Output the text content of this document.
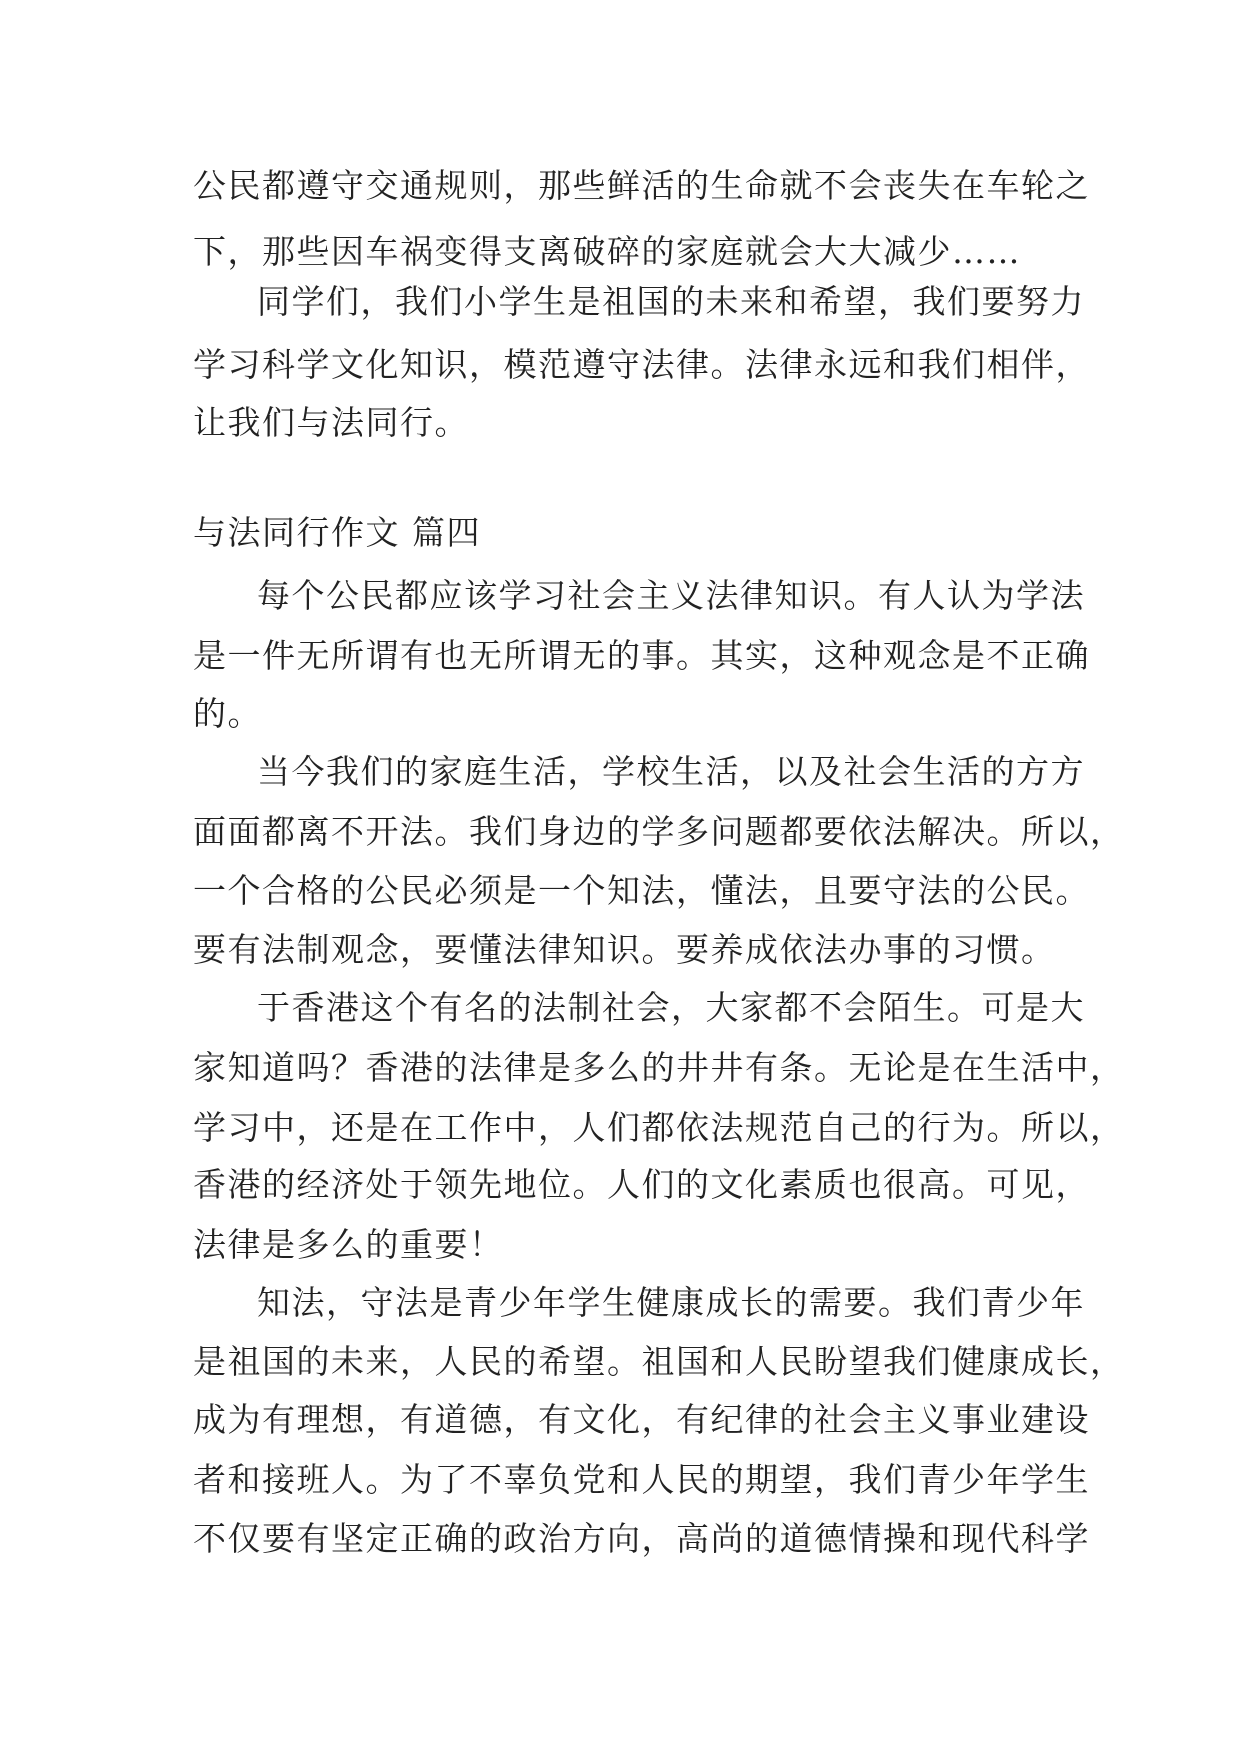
公民都遵守交通规则，那些鲜活的生命就不会丧失在车轮之
下，那些因车祸变得支离破碎的家庭就会大大减少……
同学们，我们小学生是祖国的未来和希望，我们要努力
学习科学文化知识，模范遵守法律。法律永远和我们相伴，
让我们与法同行。
与法同行作文 篇四
每个公民都应该学习社会主义法律知识。有人认为学法
是一件无所谓有也无所谓无的事。其实，这种观念是不正确
的。
当今我们的家庭生活，学校生活，以及社会生活的方方
面面都离不开法。我们身边的学多问题都要依法解决。所以，
一个合格的公民必须是一个知法，懂法，且要守法的公民。
要有法制观念，要懂法律知识。要养成依法办事的习惯。
于香港这个有名的法制社会，大家都不会陌生。可是大
家知道吗？香港的法律是多么的井井有条。无论是在生活中，
学习中，还是在工作中，人们都依法规范自己的行为。所以，
香港的经济处于领先地位。人们的文化素质也很高。可见，
法律是多么的重要！
知法，守法是青少年学生健康成长的需要。我们青少年
是祖国的未来，人民的希望。祖国和人民盼望我们健康成长，
成为有理想，有道德，有文化，有纪律的社会主义事业建设
者和接班人。为了不辜负党和人民的期望，我们青少年学生
不仅要有坚定正确的政治方向，高尚的道德情操和现代科学
